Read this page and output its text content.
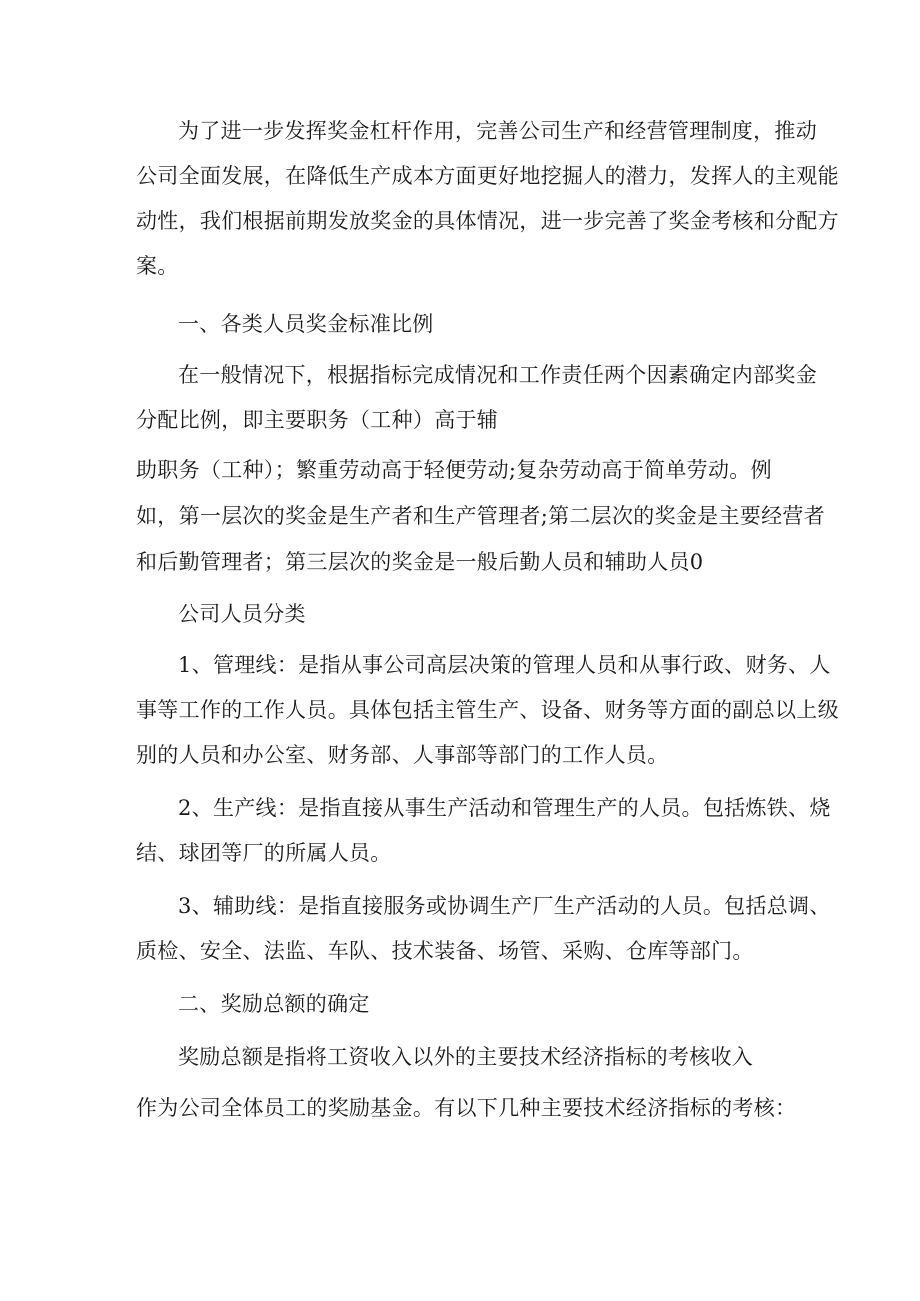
为了进一步发挥奖金杠杆作用，完善公司生产和经营管理制度，推动
公司全面发展，在降低生产成本方面更好地挖掘人的潜力，发挥人的主观能
动性，我们根据前期发放奖金的具体情况，进一步完善了奖金考核和分配方
案。
一、各类人员奖金标准比例
在一般情况下，根据指标完成情况和工作责任两个因素确定内部奖金
分配比例，即主要职务（工种）高于辅
助职务（工种）；繁重劳动高于轻便劳动;复杂劳动高于简单劳动。例
如，第一层次的奖金是生产者和生产管理者;第二层次的奖金是主要经营者
和后勤管理者；第三层次的奖金是一般后勤人员和辅助人员0
公司人员分类
1、管理线：是指从事公司高层决策的管理人员和从事行政、财务、人
事等工作的工作人员。具体包括主管生产、设备、财务等方面的副总以上级
别的人员和办公室、财务部、人事部等部门的工作人员。
2、生产线：是指直接从事生产活动和管理生产的人员。包括炼铁、烧
结、球团等厂的所属人员。
3、辅助线：是指直接服务或协调生产厂生产活动的人员。包括总调、
质检、安全、法监、车队、技术装备、场管、采购、仓库等部门。
二、奖励总额的确定
奖励总额是指将工资收入以外的主要技术经济指标的考核收入
作为公司全体员工的奖励基金。有以下几种主要技术经济指标的考核：
